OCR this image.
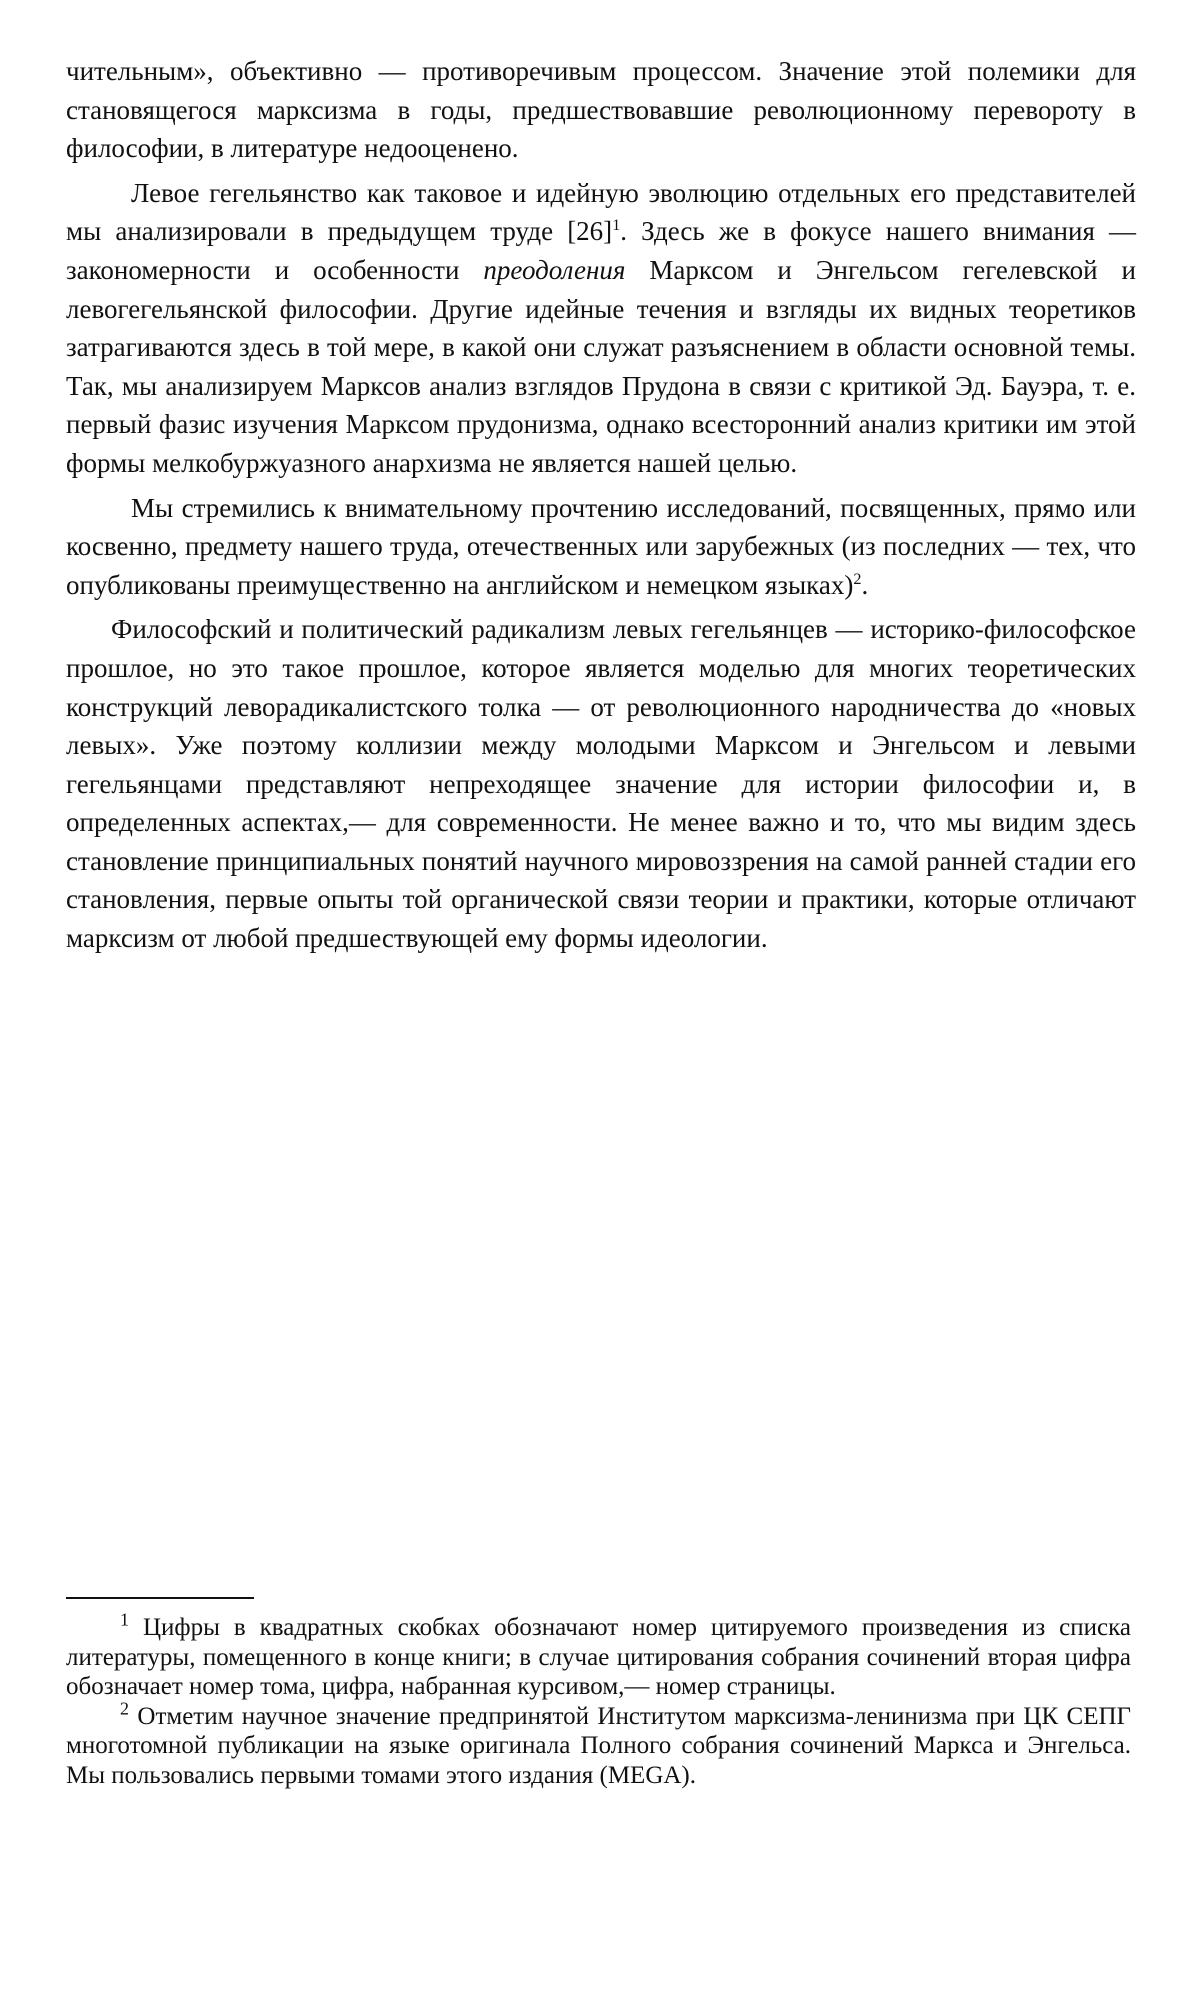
чительным», объективно — противоречивым процессом. Значение этой полемики для становящегося марксизма в годы, предшествовавшие революционному перевороту в философии, в литературе недооценено.

Левое гегельянство как таковое и идейную эволюцию отдельных его представителей мы анализировали в предыдущем труде $[26]^1$. Здесь же в фокусе нашего внимания — закономерности и особенности преодоления Марксом и Энгельсом гегелевской и левогегельянской философии. Другие идейные течения и взгляды их видных теоретиков затрагиваются здесь в той мере, в какой они служат разъяснением в области основной темы. Так, мы анализируем Марксов анализ взглядов Прудона в связи с критикой Эд. Бауэра, т. е. первый фазис изучения Марксом прудонизма, однако всесторонний анализ критики им этой формы мелкобуржуазного анархизма не является нашей целью.

Мы стремились к внимательному прочтению исследований, посвященных, прямо или косвенно, предмету нашего труда, отечественных или зарубежных (из последних — тех, что опубликованы преимущественно на английском и немецком языках)$^2$.

Философский и политический радикализм левых гегельянцев — историко-философское прошлое, но это такое прошлое, которое является моделью для многих теоретических конструкций леворадикалистского толка — от революционного народничества до «новых левых». Уже поэтому коллизии между молодыми Марксом и Энгельсом и левыми гегельянцами представляют непреходящее значение для истории философии и, в определенных аспектах,— для современности. Не менее важно и то, что мы видим здесь становление принципиальных понятий научного мировоззрения на самой ранней стадии его становления, первые опыты той органической связи теории и практики, которые отличают марксизм от любой предшествующей ему формы идеологии.

$^1$ Цифры в квадратных скобках обозначают номер цитируемого произведения из списка литературы, помещенного в конце книги; в случае цитирования собрания сочинений вторая цифра обозначает номер тома, цифра, набранная курсивом,— номер страницы.

$^2$ Отметим научное значение предпринятой Институтом марксизма-ленинизма при ЦК СЕПГ многотомной публикации на языке оригинала Полного собрания сочинений Маркса и Энгельса. Мы пользовались первыми томами этого издания (MEGA).
